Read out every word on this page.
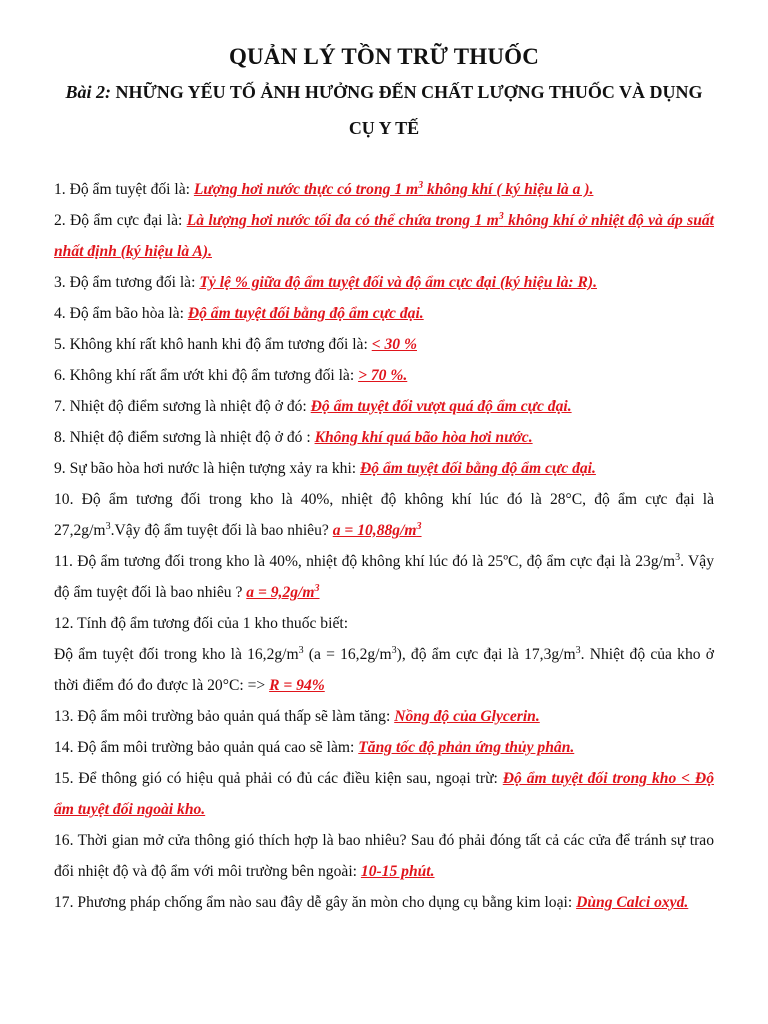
QUẢN LÝ TỒN TRỮ THUỐC
Bài 2: NHỮNG YẾU TỐ ẢNH HƯỞNG ĐẾN CHẤT LƯỢNG THUỐC VÀ DỤNG CỤ Y TẾ

1. Độ ẩm tuyệt đối là: Lượng hơi nước thực có trong 1 $m^3$ không khí ( ký hiệu là a ).

2. Độ ẩm cực đại là: Là lượng hơi nước tối đa có thể chứa trong 1 $m^3$ không khí ở nhiệt độ và áp suất nhất định (ký hiệu là A).

3. Độ ẩm tương đối là: Tỷ lệ % giữa độ ẩm tuyệt đối và độ ẩm cực đại (ký hiệu là: R).

4. Độ ẩm bão hòa là: Độ ẩm tuyệt đối bằng độ ẩm cực đại.

5. Không khí rất khô hanh khi độ ẩm tương đối là: < 30 %

6. Không khí rất ẩm ướt khi độ ẩm tương đối là: > 70 %.

7. Nhiệt độ điểm sương là nhiệt độ ở đó: Độ ẩm tuyệt đối vượt quá độ ẩm cực đại.

8. Nhiệt độ điểm sương là nhiệt độ ở đó : Không khí quá bão hòa hơi nước.

9. Sự bão hòa hơi nước là hiện tượng xảy ra khi: Độ ẩm tuyệt đối bằng độ ẩm cực đại.

10. Độ ẩm tương đối trong kho là 40%, nhiệt độ không khí lúc đó là 28°C, độ ẩm cực đại là $27,2g/m^3.Vậy$ độ ẩm tuyệt đối là bao nhiêu? $a = 10,88g/m^3$

11. Độ ẩm tương đối trong kho là 40%, nhiệt độ không khí lúc đó là 25ºC, độ ẩm cực đại là $23g/m^3$. Vậy độ ẩm tuyệt đối là bao nhiêu ? $a = 9,2g/m^3$

12. Tính độ ẩm tương đối của 1 kho thuốc biết:

Độ ẩm tuyệt đối trong kho là $16,2g/m^3$ $(a = 16,2g/m^3)$, độ ẩm cực đại là $17,3g/m^3$. Nhiệt độ của kho ở thời điểm đó đo được là 20°C: => R = 94%

13. Độ ẩm môi trường bảo quản quá thấp sẽ làm tăng: Nồng độ của Glycerin.

14. Độ ẩm môi trường bảo quản quá cao sẽ làm: Tăng tốc độ phản ứng thủy phân.

15. Để thông gió có hiệu quả phải có đủ các điều kiện sau, ngoại trừ: Độ ẩm tuyệt đối trong kho < Độ ẩm tuyệt đối ngoài kho.

16. Thời gian mở cửa thông gió thích hợp là bao nhiêu? Sau đó phải đóng tất cả các cửa để tránh sự trao đổi nhiệt độ và độ ẩm với môi trường bên ngoài: 10-15 phút.

17. Phương pháp chống ẩm nào sau đây dễ gây ăn mòn cho dụng cụ bằng kim loại: Dùng Calci oxyd.
